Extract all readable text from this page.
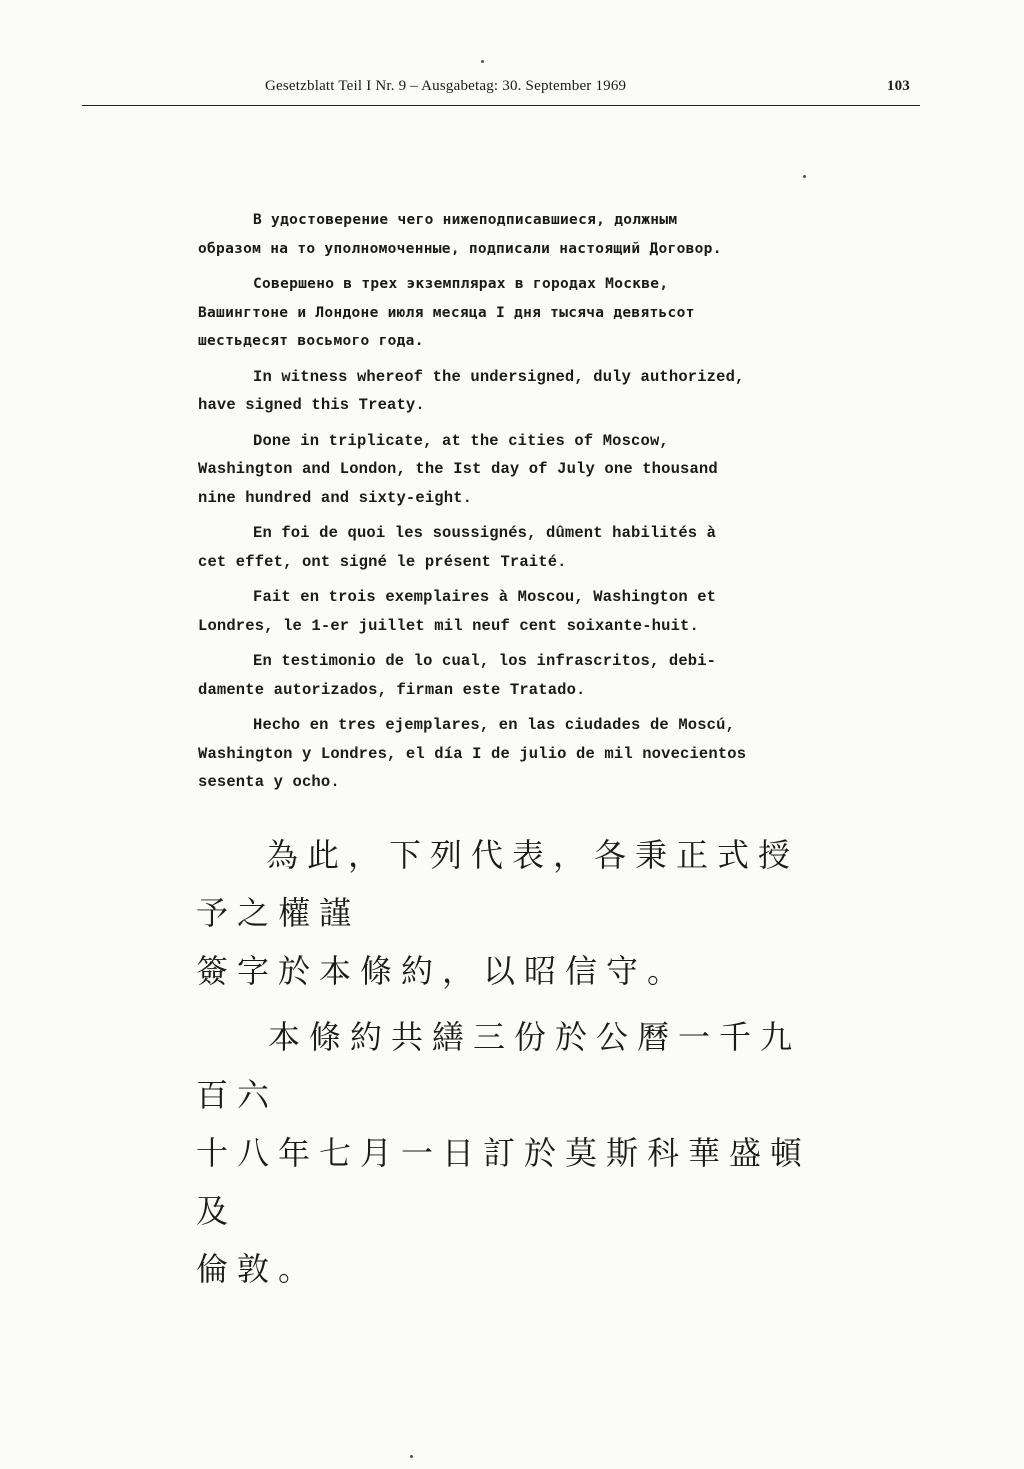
Gesetzblatt Teil I Nr. 9 – Ausgabetag: 30. September 1969	103

В удостоверение чего нижеподписавшиеся, должным
образом на то уполномоченные, подписали настоящий Договор.

Совершено в трех экземплярах в городах Москве,
Вашингтоне и Лондоне июля месяца I дня тысяча девятьсот
шестьдесят восьмого года.

In witness whereof the undersigned, duly authorized,
have signed this Treaty.

Done in triplicate, at the cities of Moscow,
Washington and London, the Ist day of July one thousand
nine hundred and sixty-eight.

En foi de quoi les soussignés, dûment habilités à
cet effet, ont signé le présent Traité.

Fait en trois exemplaires à Moscou, Washington et
Londres, le 1-er juillet mil neuf cent soixante-huit.

En testimonio de lo cual, los infrascritos, debi-
damente autorizados, firman este Tratado.

Hecho en tres ejemplares, en las ciudades de Moscú,
Washington y Londres, el día I de julio de mil novecientos
sesenta y ocho.

為此，下列代表，各秉正式授予之權謹
簽字於本條約，以昭信守。

本條約共繕三份於公曆一千九百六
十八年七月一日訂於莫斯科華盛頓及
倫敦。
